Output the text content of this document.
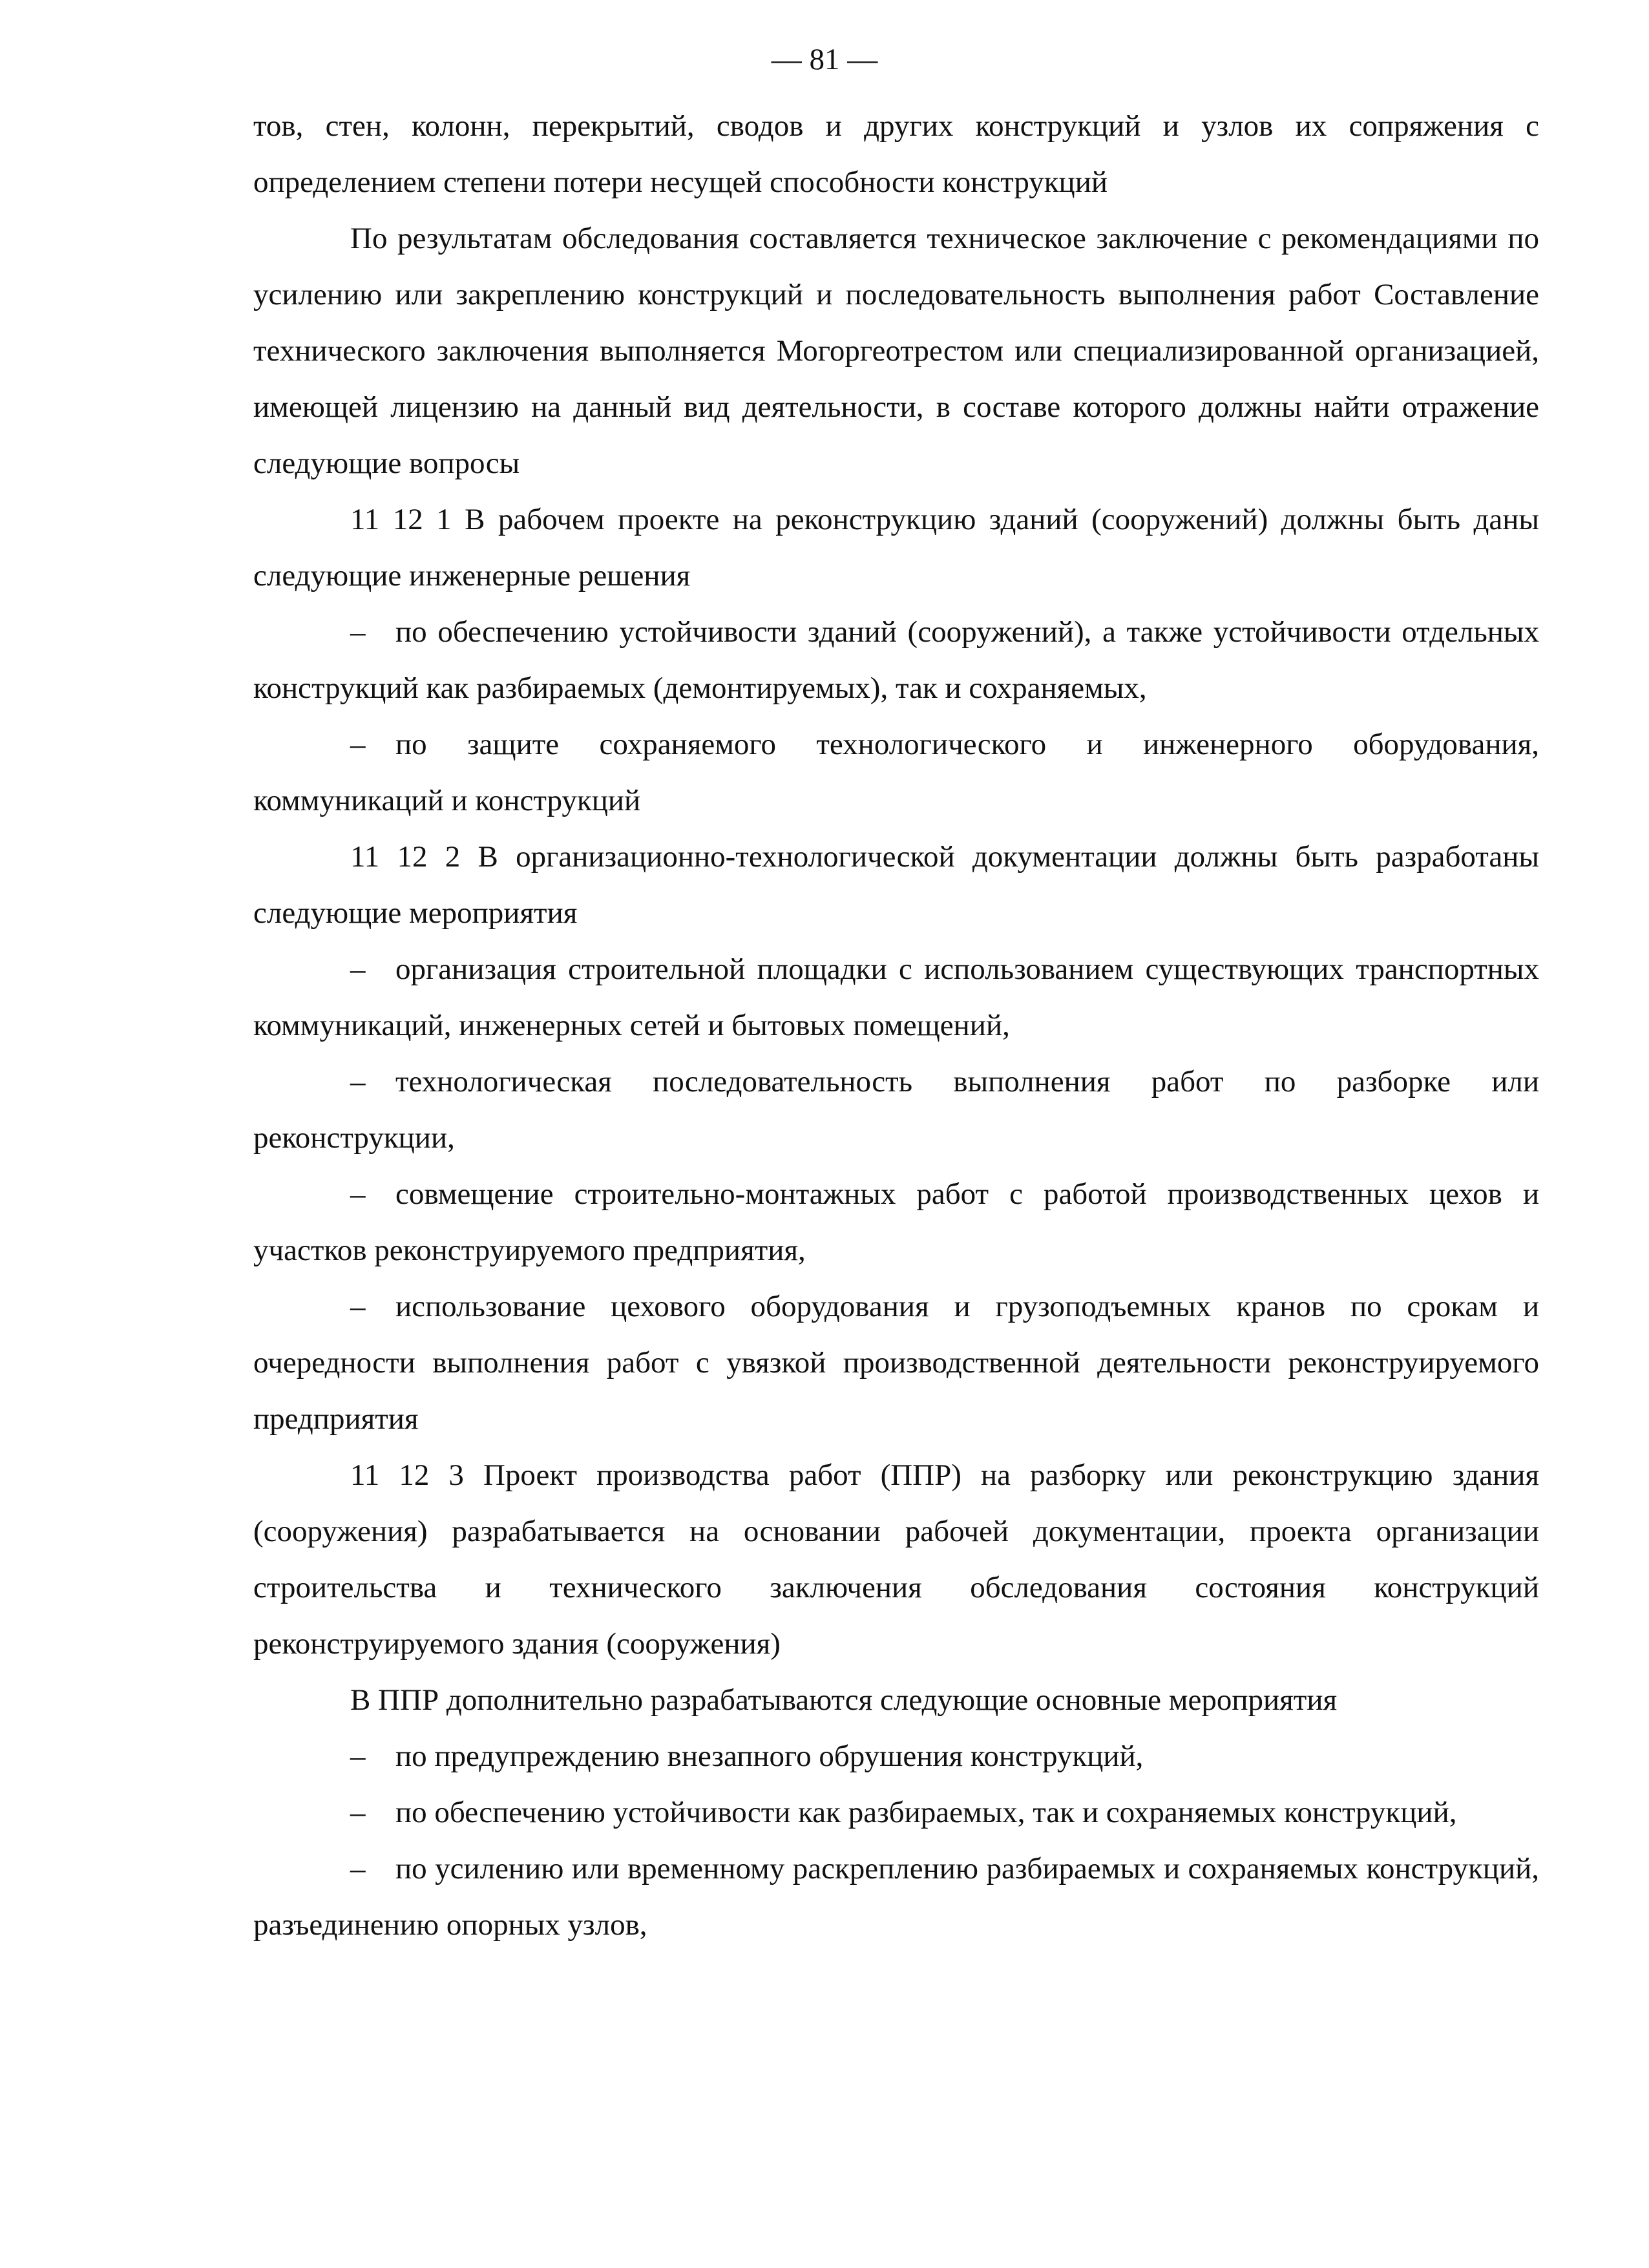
— 81 —

тов, стен, колонн, перекрытий, сводов и других конструкций и узлов их сопряжения с определением степени потери несущей способности конструкций

По результатам обследования составляется техническое заключение с рекомендациями по усилению или закреплению конструкций и последовательность выполнения работ Составление технического заключения выполняется Могоргеотрестом или специализированной организацией, имеющей лицензию на данный вид деятельности, в составе которого должны найти отражение следующие вопросы

11 12 1 В рабочем проекте на реконструкцию зданий (сооружений) должны быть даны следующие инженерные решения

– по обеспечению устойчивости зданий (сооружений), а также устойчивости отдельных конструкций как разбираемых (демонтируемых), так и сохраняемых,

– по защите сохраняемого технологического и инженерного оборудования, коммуникаций и конструкций

11 12 2 В организационно-технологической документации должны быть разработаны следующие мероприятия

– организация строительной площадки с использованием существующих транспортных коммуникаций, инженерных сетей и бытовых помещений,

– технологическая последовательность выполнения работ по разборке или реконструкции,

– совмещение строительно-монтажных работ с работой производственных цехов и участков реконструируемого предприятия,

– использование цехового оборудования и грузоподъемных кранов по срокам и очередности выполнения работ с увязкой производственной деятельности реконструируемого предприятия

11 12 3 Проект производства работ (ППР) на разборку или реконструкцию здания (сооружения) разрабатывается на основании рабочей документации, проекта организации строительства и технического заключения обследования состояния конструкций реконструируемого здания (сооружения)

В ППР дополнительно разрабатываются следующие основные мероприятия

– по предупреждению внезапного обрушения конструкций,

– по обеспечению устойчивости как разбираемых, так и сохраняемых конструкций,

– по усилению или временному раскреплению разбираемых и сохраняемых конструкций, разъединению опорных узлов,
